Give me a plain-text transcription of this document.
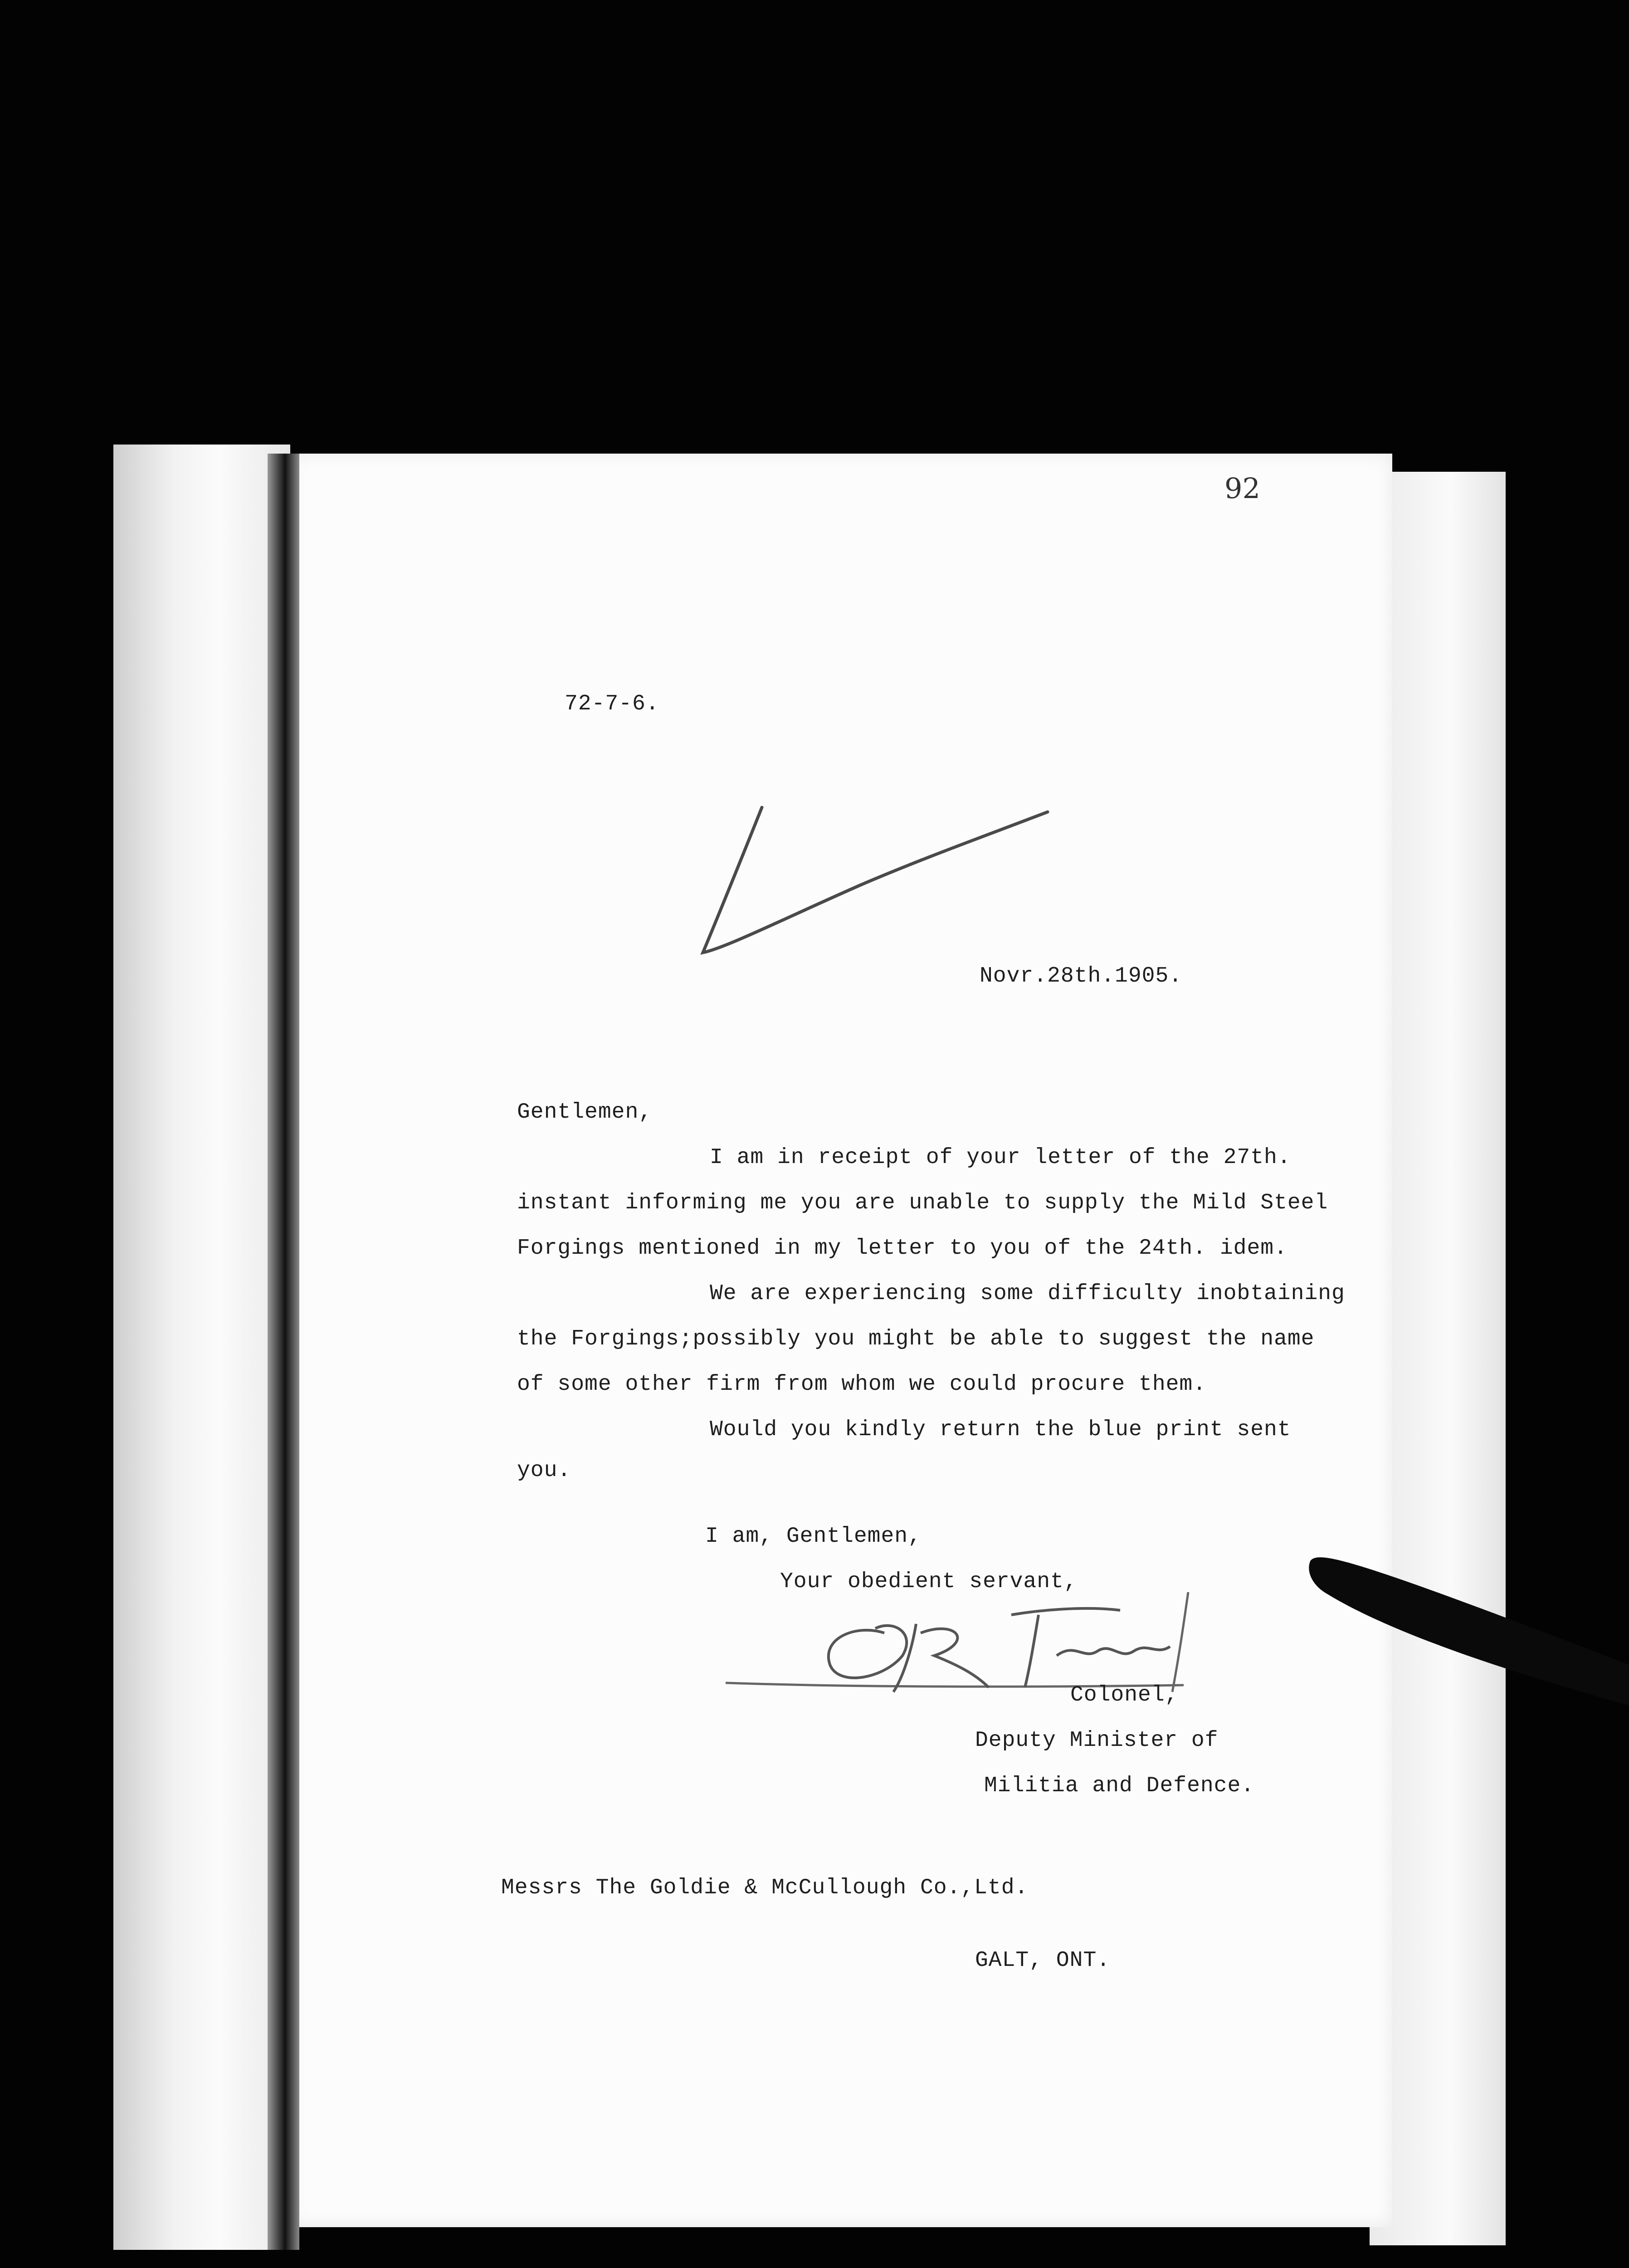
92
72-7-6.
Novr.28th.1905.
Gentlemen,
I am in receipt of your letter of the 27th.
instant informing me you are unable to supply the Mild Steel
Forgings mentioned in my letter to you of the 24th. idem.
We are experiencing some difficulty inobtaining
the Forgings;possibly you might be able to suggest the name
of some other firm from whom we could procure them.
Would you kindly return the blue print sent
you.
I am, Gentlemen,
Your obedient servant,
Colonel,
Deputy Minister of
Militia and Defence.
Messrs The Goldie & McCullough Co.,Ltd.
GALT, ONT.
